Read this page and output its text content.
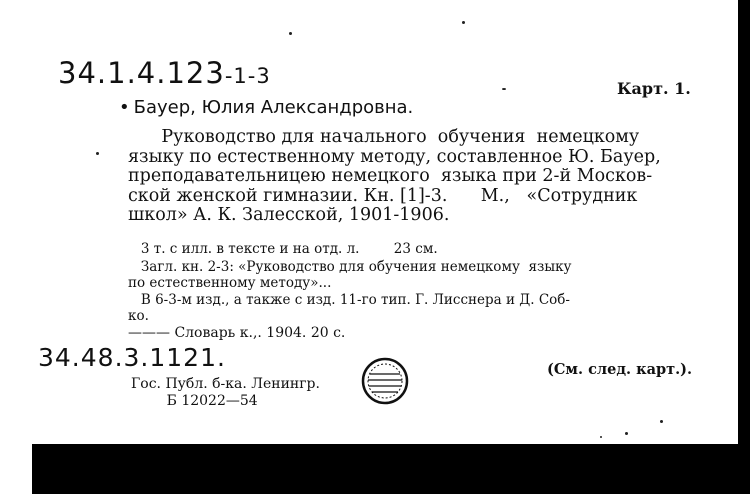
34.1.4.123-1-3
Карт. 1.
• Бауер, Юлия Александровна.

Руководство для начального  обучения  немецкому
языку по естественному методу, составленное Ю. Бауер,
преподавательницею немецкого  языка при 2-й Москов-
ской женской гимназии. Кн. [1]-3.      М.,   «Сотрудник
школ» А. К. Залесской, 1901-1906.

3 т. с илл. в тексте и на отд. л.        23 см.

Загл. кн. 2-3: «Руководство для обучения немецкому  языку
по естественному методу»...

В 6-3-м изд., а также с изд. 11-го тип. Г. Лисснера и Д. Соб-
ко.

——— Словарь к.,. 1904. 20 с.
34.48.3.1121.	(См. след. карт.).

Гос. Публ. б-ка. Ленингр.
Б 12022—54
